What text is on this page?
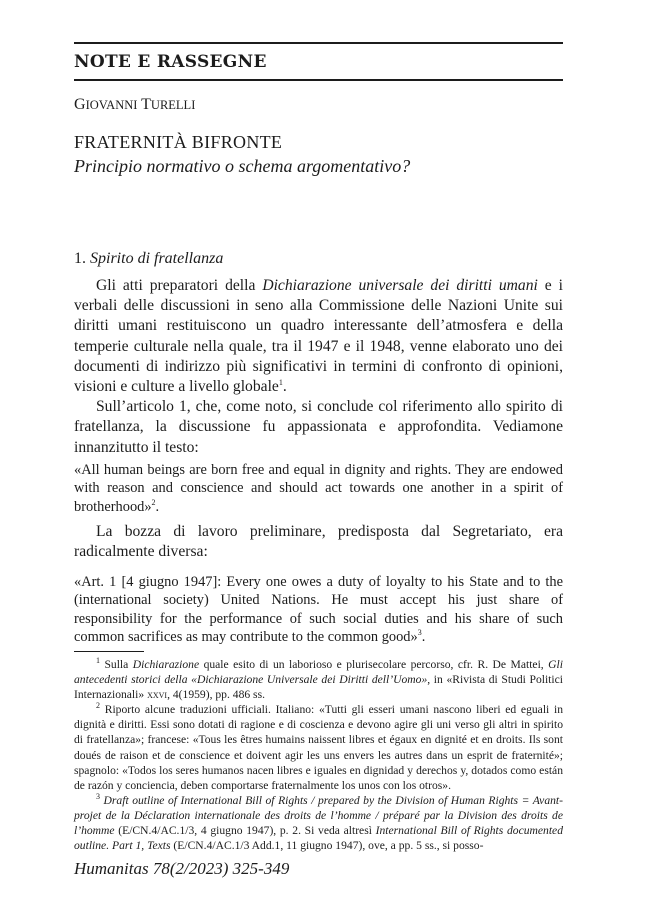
NOTE E RASSEGNE
GIOVANNI TURELLI
FRATERNITÀ BIFRONTE
Principio normativo o schema argomentativo?
1. Spirito di fratellanza

Gli atti preparatori della Dichiarazione universale dei diritti umani e i verbali delle discussioni in seno alla Commissione delle Nazioni Unite sui diritti umani restituiscono un quadro interessante dell’atmosfera e della temperie culturale nella quale, tra il 1947 e il 1948, venne elaborato uno dei documenti di indirizzo più significativi in termini di confronto di opinioni, visioni e culture a livello globale$^1$.

Sull’articolo 1, che, come noto, si conclude col riferimento allo spirito di fratellanza, la discussione fu appassionata e approfondita. Vediamone innanzitutto il testo:

«All human beings are born free and equal in dignity and rights. They are endowed with reason and conscience and should act towards one another in a spirit of brotherhood»$^2$.

La bozza di lavoro preliminare, predisposta dal Segretariato, era radicalmente diversa:

«Art. 1 [4 giugno 1947]: Every one owes a duty of loyalty to his State and to the (international society) United Nations. He must accept his just share of responsibility for the performance of such social duties and his share of such common sacrifices as may contribute to the common good»$^3$.

$^1$ Sulla Dichiarazione quale esito di un laborioso e plurisecolare percorso, cfr. R. De Mattei, Gli antecedenti storici della «Dichiarazione Universale dei Diritti dell’Uomo», in «Rivista di Studi Politici Internazionali» xxvi, 4(1959), pp. 486 ss.

$^2$ Riporto alcune traduzioni ufficiali. Italiano: «Tutti gli esseri umani nascono liberi ed eguali in dignità e diritti. Essi sono dotati di ragione e di coscienza e devono agire gli uni verso gli altri in spirito di fratellanza»; francese: «Tous les êtres humains naissent libres et égaux en dignité et en droits. Ils sont doués de raison et de conscience et doivent agir les uns envers les autres dans un esprit de fraternité»; spagnolo: «Todos los seres humanos nacen libres e iguales en dignidad y derechos y, dotados como están de razón y conciencia, deben comportarse fraternalmente los unos con los otros».

$^3$ Draft outline of International Bill of Rights / prepared by the Division of Human Rights = Avant-projet de la Déclaration internationale des droits de l’homme / préparé par la Division des droits de l’homme (E/CN.4/AC.1/3, 4 giugno 1947), p. 2. Si veda altresì International Bill of Rights documented outline. Part 1, Texts (E/CN.4/AC.1/3 Add.1, 11 giugno 1947), ove, a pp. 5 ss., si posso-

Humanitas 78(2/2023) 325-349
